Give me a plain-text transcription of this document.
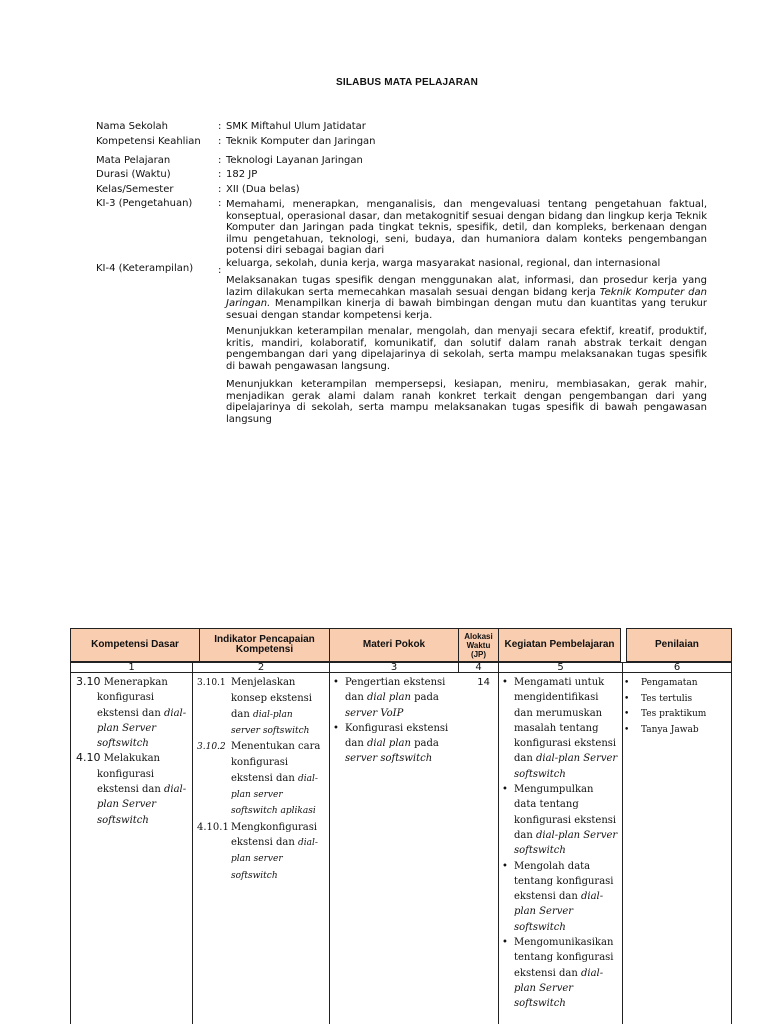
SILABUS MATA PELAJARAN
Nama Sekolah	: SMK Miftahul Ulum Jatidatar
Kompetensi Keahlian : Teknik Komputer dan Jaringan
Mata Pelajaran	: Teknologi Layanan Jaringan
Durasi (Waktu)	: 182 JP
Kelas/Semester	: XII (Dua belas)
KI-3 (Pengetahuan)	:
KI-4 (Keterampilan) :
Memahami, menerapkan, menganalisis, dan mengevaluasi tentang pengetahuan faktual, konseptual, operasional dasar, dan metakognitif sesuai dengan bidang dan lingkup kerja Teknik Komputer dan Jaringan pada tingkat teknis, spesifik, detil, dan kompleks, berkenaan dengan ilmu pengetahuan, teknologi, seni, budaya, dan humaniora dalam konteks pengembangan potensi diri sebagai bagian dari
keluarga, sekolah, dunia kerja, warga masyarakat nasional, regional, dan internasional
Melaksanakan tugas spesifik dengan menggunakan alat, informasi, dan prosedur kerja yang lazim dilakukan serta memecahkan masalah sesuai dengan bidang kerja Teknik Komputer dan Jaringan. Menampilkan kinerja di bawah bimbingan dengan mutu dan kuantitas yang terukur sesuai dengan standar kompetensi kerja.
Menunjukkan keterampilan menalar, mengolah, dan menyaji secara efektif, kreatif, produktif, kritis, mandiri, kolaboratif, komunikatif, dan solutif dalam ranah abstrak terkait dengan pengembangan dari yang dipelajarinya di sekolah, serta mampu melaksanakan tugas spesifik di bawah pengawasan langsung.
Menunjukkan keterampilan mempersepsi, kesiapan, meniru, membiasakan, gerak mahir, menjadikan gerak alami dalam ranah konkret terkait dengan pengembangan dari yang dipelajarinya di sekolah, serta mampu melaksanakan tugas spesifik di bawah pengawasan langsung
Kompetensi Dasar	Indikator Pencapaian Kompetensi	Materi Pokok
Alokasi Waktu (JP)
Kegiatan Pembelajaran	Penilaian
1	2	3	4	5	6
3.10 Menerapkan konfigurasi ekstensi dan dial-plan Server softswitch
4.10 Melakukan konfigurasi ekstensi dan dial-plan Server softswitch
3.10.1 Menjelaskan konsep ekstensi dan dial-plan server softswitch
3.10.2 Menentukan cara konfigurasi ekstensi dan dial-plan server softswitch aplikasi
4.10.1 Mengkonfigurasi ekstensi dan dial-plan server softswitch
• Pengertian ekstensi dan dial plan pada server VoIP
• Konfigurasi ekstensi dan dial plan pada server softswitch
14
•	Mengamati untuk mengidentifikasi dan merumuskan masalah tentang konfigurasi ekstensi dan dial-plan Server softswitch
• Mengumpulkan data tentang konfigurasi ekstensi dan dial-plan Server softswitch
• Mengolah data tentang konfigurasi ekstensi dan dial-plan Server softswitch
• Mengomunikasikan tentang konfigurasi ekstensi dan dial-plan Server softswitch
• Pengamatan
• Tes tertulis
• Tes praktikum
• Tanya Jawab
